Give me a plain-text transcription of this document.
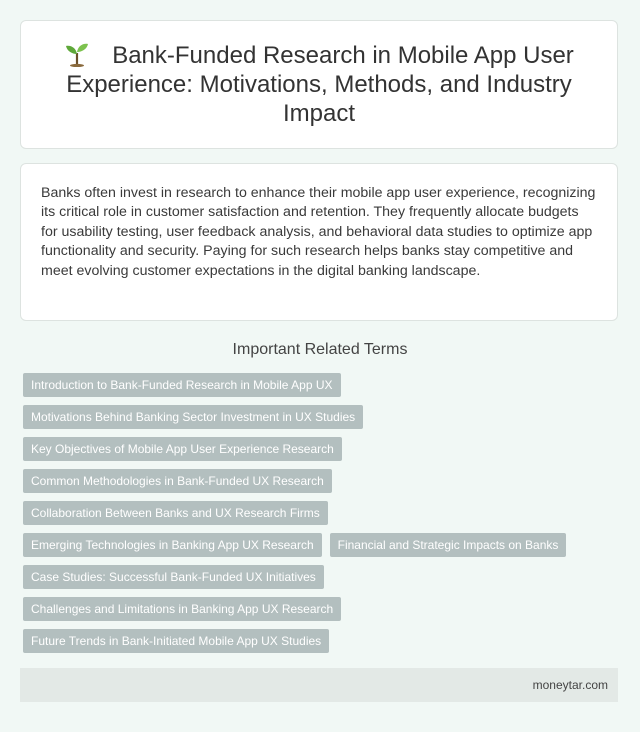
Bank-Funded Research in Mobile App User Experience: Motivations, Methods, and Industry Impact

Banks often invest in research to enhance their mobile app user experience, recognizing its critical role in customer satisfaction and retention. They frequently allocate budgets for usability testing, user feedback analysis, and behavioral data studies to optimize app functionality and security. Paying for such research helps banks stay competitive and meet evolving customer expectations in the digital banking landscape.

Important Related Terms
Introduction to Bank-Funded Research in Mobile App UX
Motivations Behind Banking Sector Investment in UX Studies
Key Objectives of Mobile App User Experience Research
Common Methodologies in Bank-Funded UX Research
Collaboration Between Banks and UX Research Firms
Emerging Technologies in Banking App UX Research	Financial and Strategic Impacts on Banks
Case Studies: Successful Bank-Funded UX Initiatives
Challenges and Limitations in Banking App UX Research
Future Trends in Bank-Initiated Mobile App UX Studies
moneytar.com
